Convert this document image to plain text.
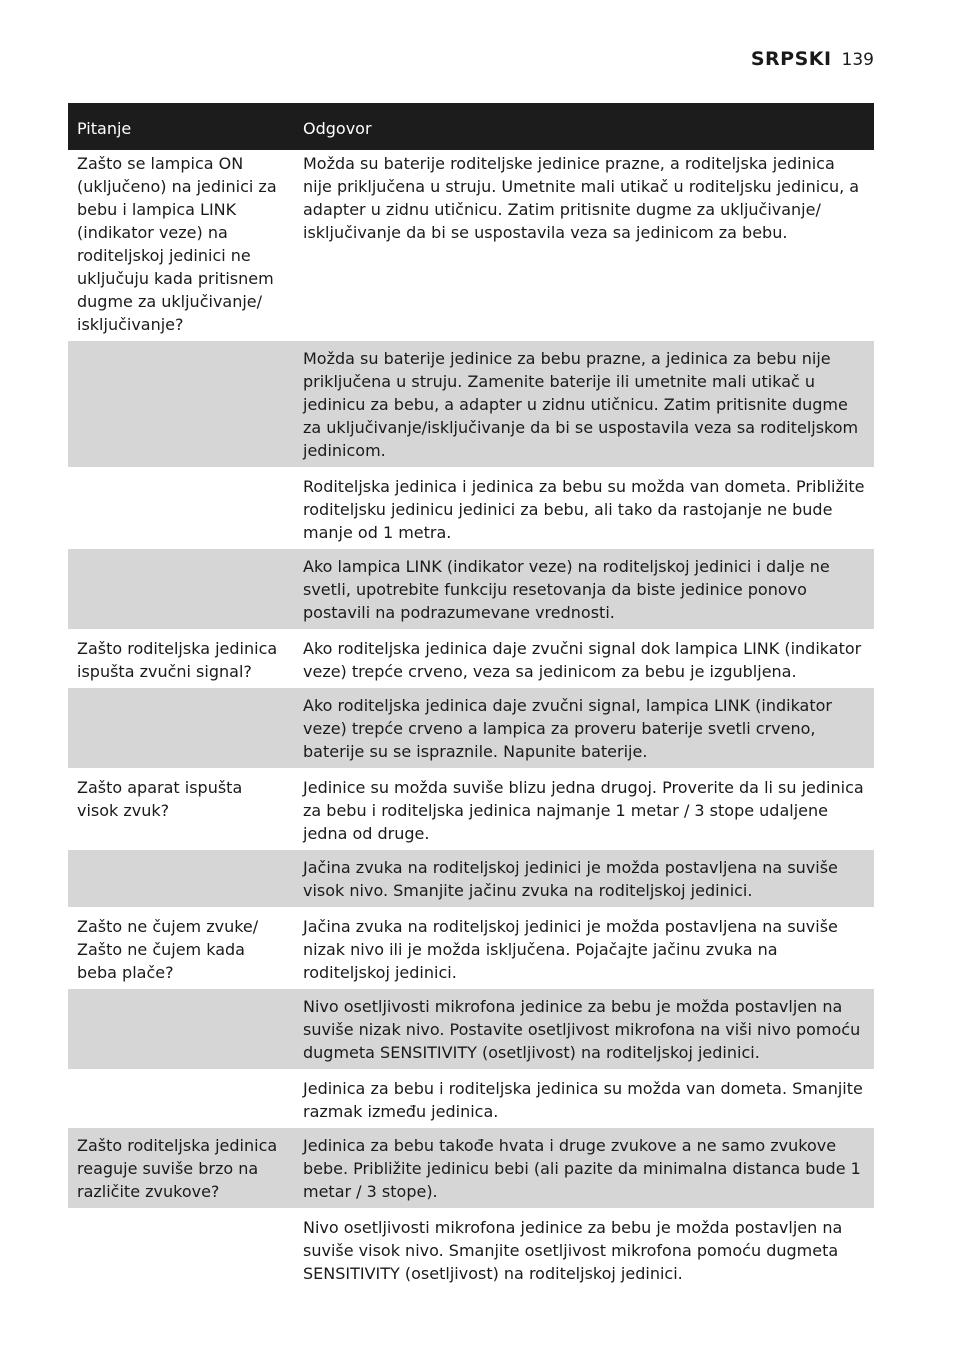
SRPSKI 139
Pitanje	Odgovor
Zašto se lampica ON (uključeno) na jedinici za bebu i lampica LINK (indikator veze) na roditeljskoj jedinici ne uključuju kada pritisnem dugme za uključivanje/ isključivanje?	Možda su baterije roditeljske jedinice prazne, a roditeljska jedinica nije priključena u struju. Umetnite mali utikač u roditeljsku jedinicu, a adapter u zidnu utičnicu. Zatim pritisnite dugme za uključivanje/ isključivanje da bi se uspostavila veza sa jedinicom za bebu.
	Možda su baterije jedinice za bebu prazne, a jedinica za bebu nije priključena u struju. Zamenite baterije ili umetnite mali utikač u jedinicu za bebu, a adapter u zidnu utičnicu. Zatim pritisnite dugme za uključivanje/isključivanje da bi se uspostavila veza sa roditeljskom jedinicom.
	Roditeljska jedinica i jedinica za bebu su možda van dometa. Približite roditeljsku jedinicu jedinici za bebu, ali tako da rastojanje ne bude manje od 1 metra.
	Ako lampica LINK (indikator veze) na roditeljskoj jedinici i dalje ne svetli, upotrebite funkciju resetovanja da biste jedinice ponovo postavili na podrazumevane vrednosti.
Zašto roditeljska jedinica ispušta zvučni signal?	Ako roditeljska jedinica daje zvučni signal dok lampica LINK (indikator veze) trepće crveno, veza sa jedinicom za bebu je izgubljena.
	Ako roditeljska jedinica daje zvučni signal, lampica LINK (indikator veze) trepće crveno a lampica za proveru baterije svetli crveno, baterije su se ispraznile. Napunite baterije.
Zašto aparat ispušta visok zvuk?	Jedinice su možda suviše blizu jedna drugoj. Proverite da li su jedinica za bebu i roditeljska jedinica najmanje 1 metar / 3 stope udaljene jedna od druge.
	Jačina zvuka na roditeljskoj jedinici je možda postavljena na suviše visok nivo. Smanjite jačinu zvuka na roditeljskoj jedinici.
Zašto ne čujem zvuke/ Zašto ne čujem kada beba plače?	Jačina zvuka na roditeljskoj jedinici je možda postavljena na suviše nizak nivo ili je možda isključena. Pojačajte jačinu zvuka na roditeljskoj jedinici.
	Nivo osetljivosti mikrofona jedinice za bebu je možda postavljen na suviše nizak nivo. Postavite osetljivost mikrofona na viši nivo pomoću dugmeta SENSITIVITY (osetljivost) na roditeljskoj jedinici.
	Jedinica za bebu i roditeljska jedinica su možda van dometa. Smanjite razmak između jedinica.
Zašto roditeljska jedinica reaguje suviše brzo na različite zvukove?	Jedinica za bebu takođe hvata i druge zvukove a ne samo zvukove bebe. Približite jedinicu bebi (ali pazite da minimalna distanca bude 1 metar / 3 stope).
	Nivo osetljivosti mikrofona jedinice za bebu je možda postavljen na suviše visok nivo. Smanjite osetljivost mikrofona pomoću dugmeta SENSITIVITY (osetljivost) na roditeljskoj jedinici.
